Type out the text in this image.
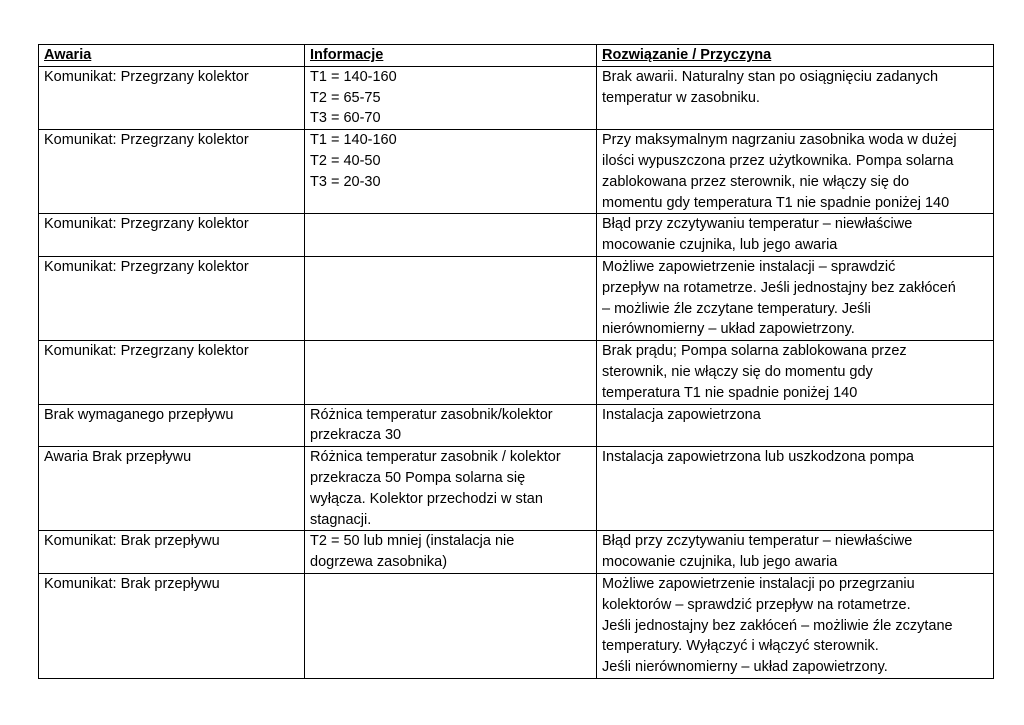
Awaria	Informacje	Rozwiązanie / Przyczyna

Komunikat: Przegrzany kolektor	T1 = 140-160
T2 = 65-75
T3 = 60-70	Brak awarii. Naturalny stan po osiągnięciu zadanych
temperatur w zasobniku.

Komunikat: Przegrzany kolektor	T1 = 140-160
T2 = 40-50
T3 = 20-30	Przy maksymalnym nagrzaniu zasobnika woda w dużej
ilości wypuszczona przez użytkownika. Pompa solarna
zablokowana przez sterownik, nie włączy się do
momentu gdy temperatura T1 nie spadnie poniżej 140

Komunikat: Przegrzany kolektor		Błąd przy zczytywaniu temperatur – niewłaściwe
mocowanie czujnika, lub jego awaria

Komunikat: Przegrzany kolektor		Możliwe zapowietrzenie instalacji – sprawdzić
przepływ na rotametrze. Jeśli jednostajny bez zakłóceń
– możliwie źle zczytane temperatury. Jeśli
nierównomierny – układ zapowietrzony.

Komunikat: Przegrzany kolektor		Brak prądu; Pompa solarna zablokowana przez
sterownik, nie włączy się do momentu gdy
temperatura T1 nie spadnie poniżej 140

Brak wymaganego przepływu	Różnica temperatur zasobnik/kolektor
przekracza 30	Instalacja zapowietrzona

Awaria Brak przepływu	Różnica temperatur zasobnik / kolektor
przekracza 50 Pompa solarna się
wyłącza. Kolektor przechodzi w stan
stagnacji.	Instalacja zapowietrzona lub uszkodzona pompa

Komunikat: Brak przepływu	T2 = 50 lub mniej (instalacja nie
dogrzewa zasobnika)	Błąd przy zczytywaniu temperatur – niewłaściwe
mocowanie czujnika, lub jego awaria

Komunikat: Brak przepływu		Możliwe zapowietrzenie instalacji po przegrzaniu
kolektorów – sprawdzić przepływ na rotametrze.
Jeśli jednostajny bez zakłóceń – możliwie źle zczytane
temperatury. Wyłączyć i włączyć sterownik.
Jeśli nierównomierny – układ zapowietrzony.
